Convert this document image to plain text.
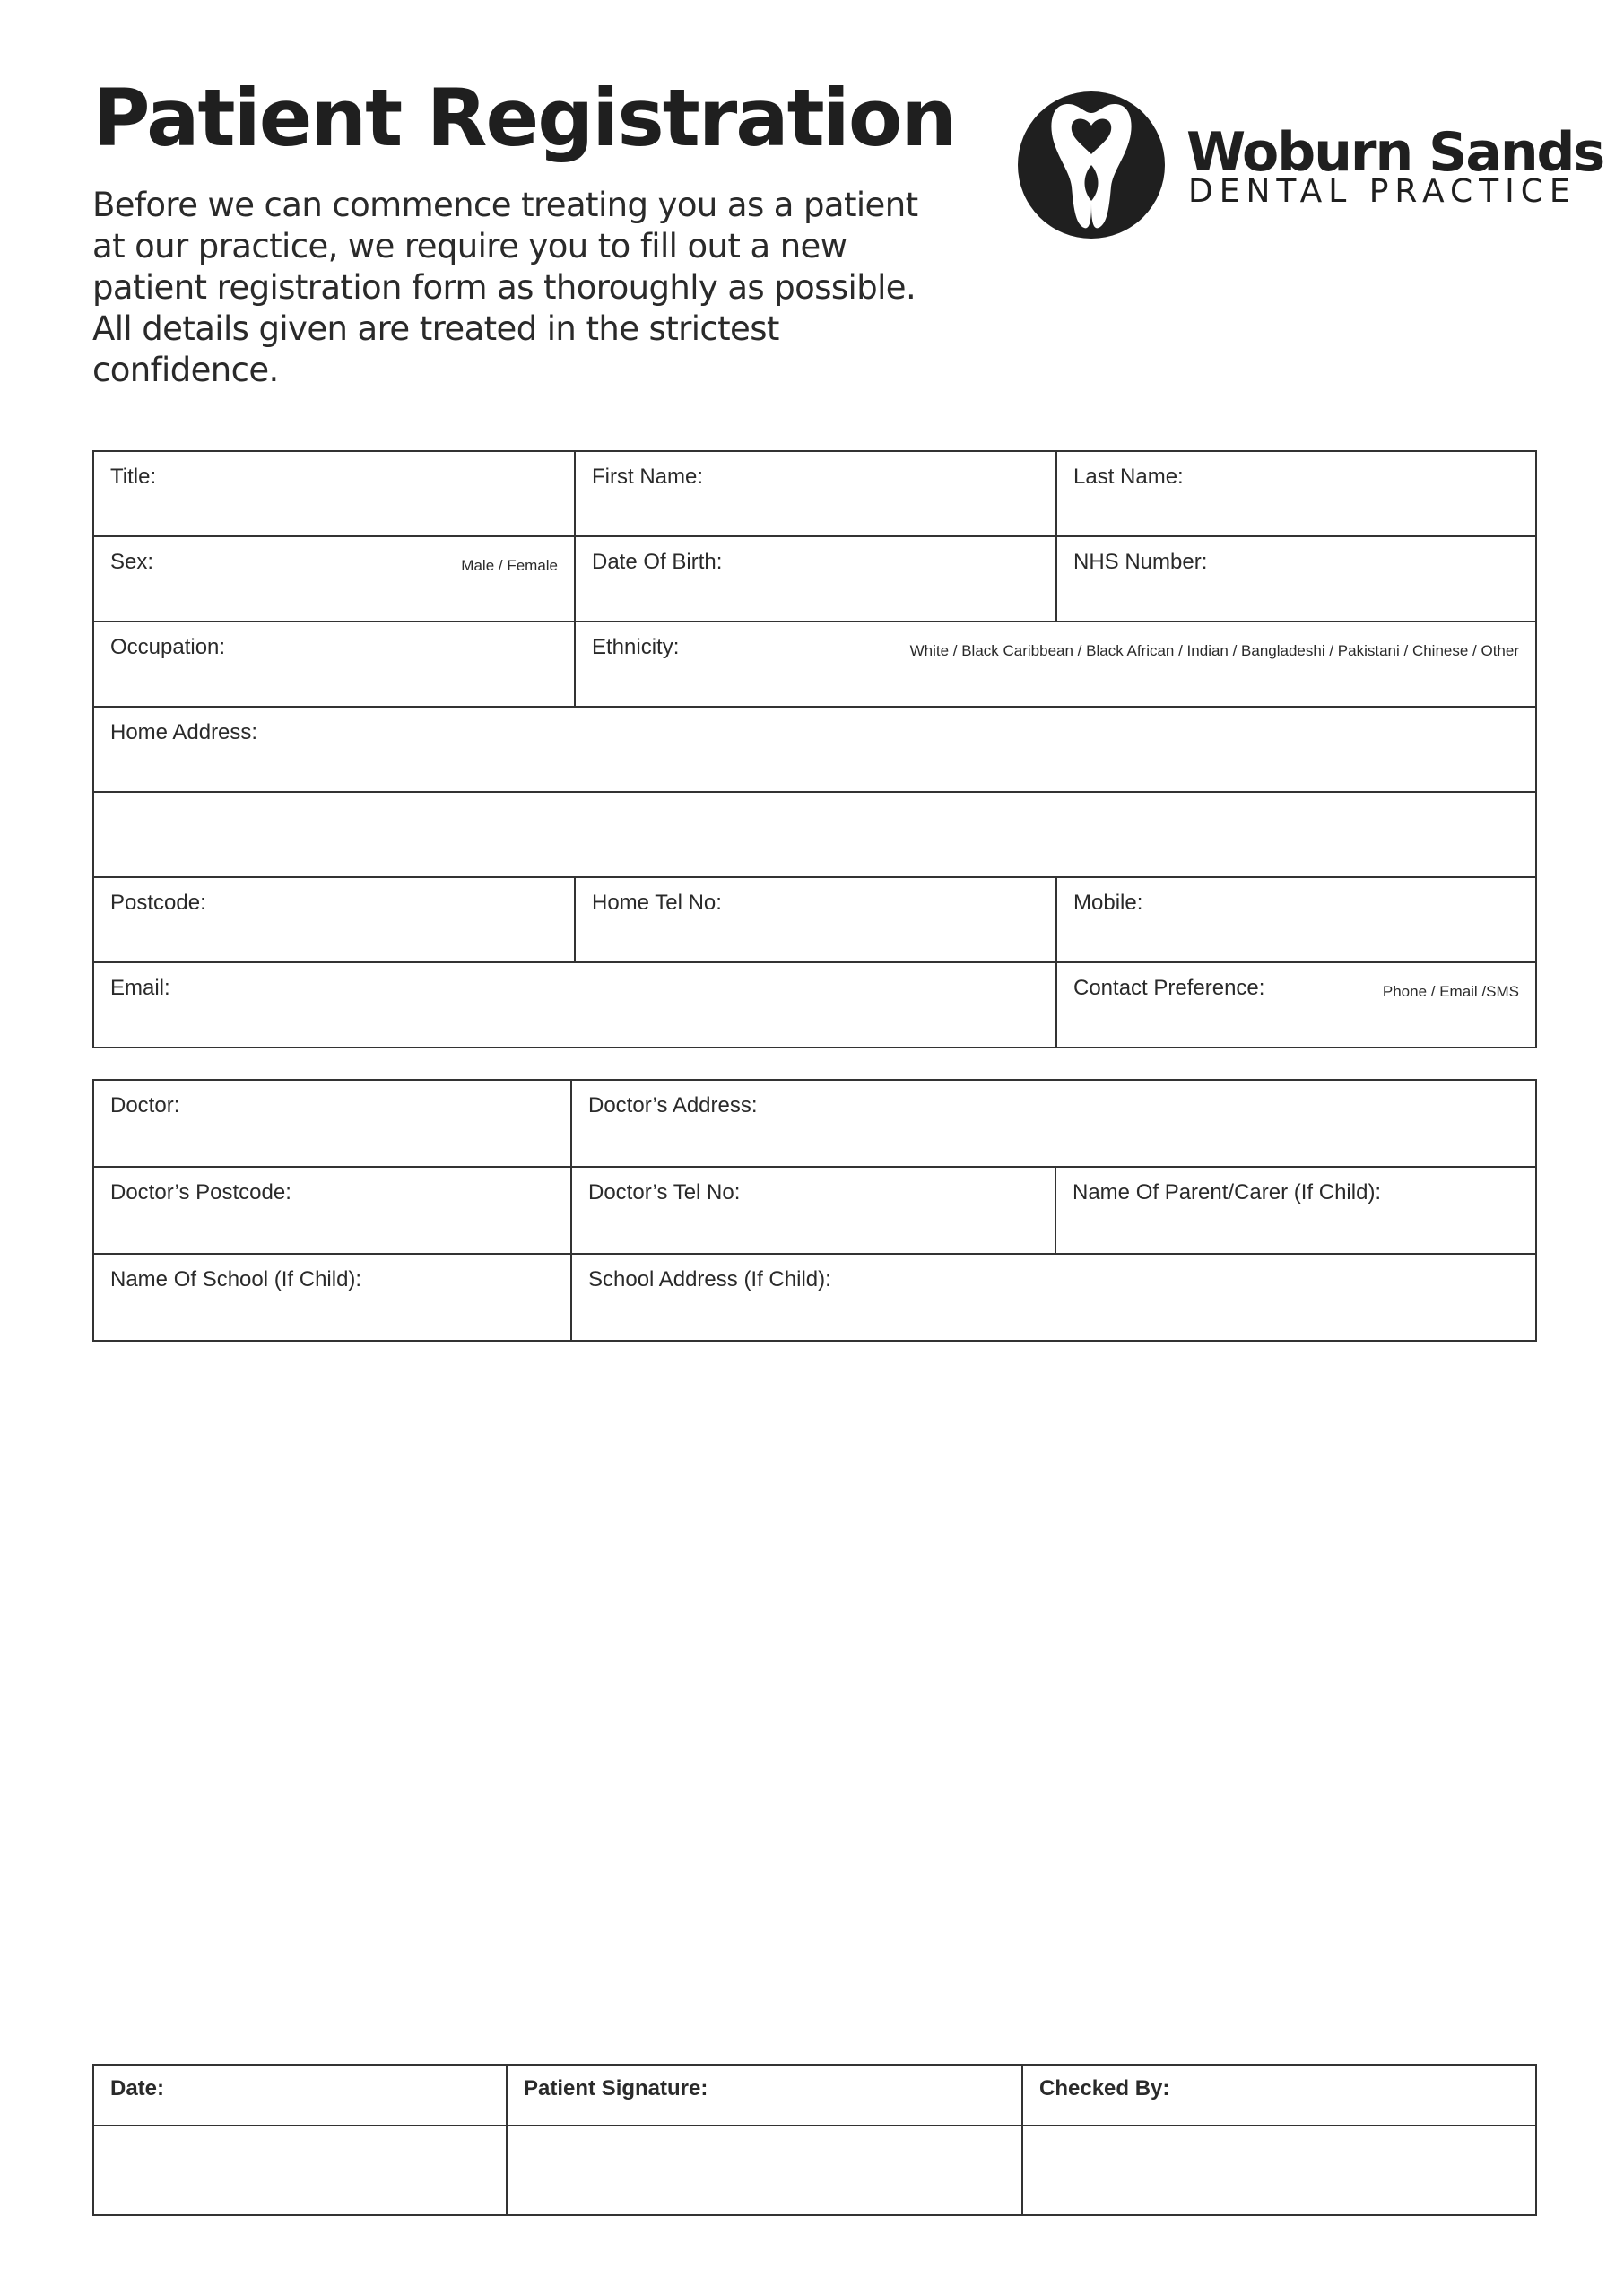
Patient Registration

Before we can commence treating you as a patient at our practice, we require you to fill out a new patient registration form as thoroughly as possible. All details given are treated in the strictest confidence.

Woburn Sands
DENTAL PRACTICE
Title:	First Name:	Last Name:
Sex:	Male / Female	Date Of Birth:	NHS Number:
Occupation:	Ethnicity:	White / Black Caribbean / Black African / Indian / Bangladeshi / Pakistani / Chinese / Other
Home Address:
Postcode:	Home Tel No:	Mobile:
Email:	Contact Preference:	Phone / Email /SMS
Doctor:	Doctor’s Address:
Doctor’s Postcode:	Doctor’s Tel No:	Name Of Parent/Carer (If Child):
Name Of School (If Child):	School Address (If Child):
Date:	Patient Signature:	Checked By:
